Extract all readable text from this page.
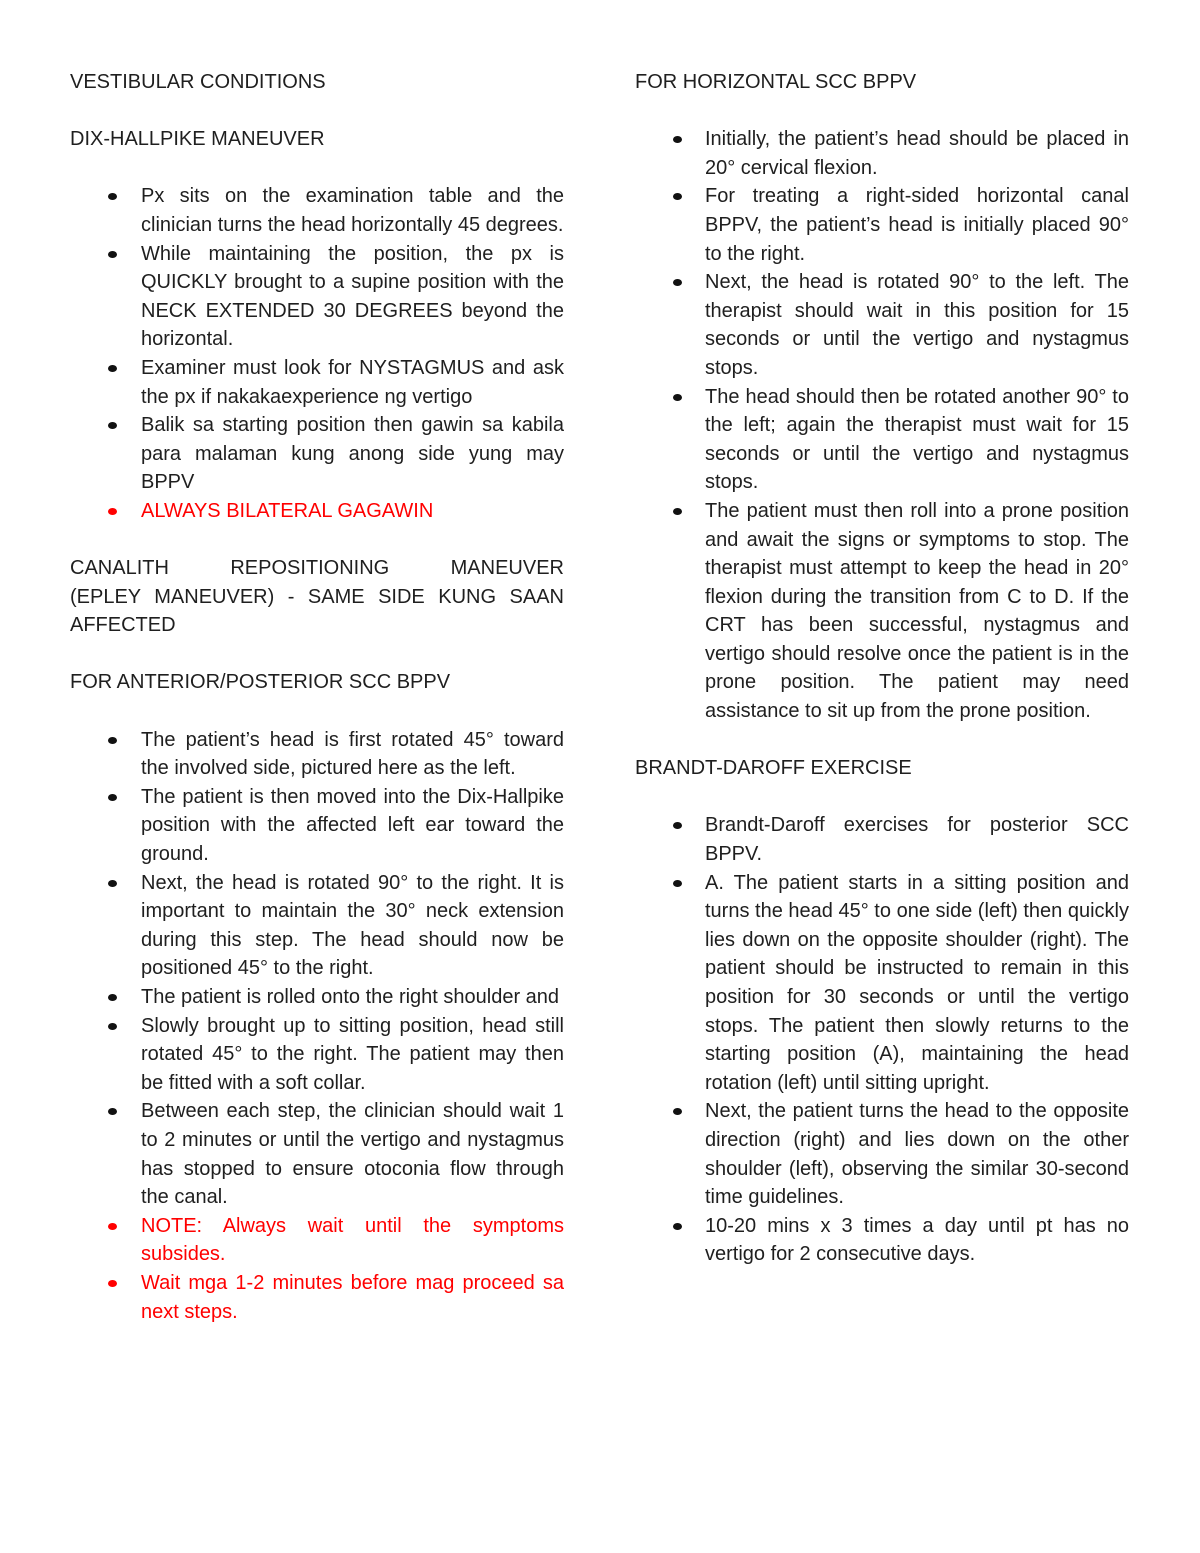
VESTIBULAR CONDITIONS

DIX-HALLPIKE MANEUVER

Px sits on the examination table and the clinician turns the head horizontally 45 degrees.
While maintaining the position, the px is QUICKLY brought to a supine position with the NECK EXTENDED 30 DEGREES beyond the horizontal.
Examiner must look for NYSTAGMUS and ask the px if nakakaexperience ng vertigo
Balik sa starting position then gawin sa kabila para malaman kung anong side yung may BPPV
ALWAYS BILATERAL GAGAWIN

CANALITH REPOSITIONING MANEUVER
(EPLEY MANEUVER) - SAME SIDE KUNG SAAN AFFECTED

FOR ANTERIOR/POSTERIOR SCC BPPV

The patient’s head is first rotated 45° toward the involved side, pictured here as the left.
The patient is then moved into the Dix-Hallpike position with the affected left ear toward the ground.
Next, the head is rotated 90° to the right. It is important to maintain the 30° neck extension during this step. The head should now be positioned 45° to the right.
The patient is rolled onto the right shoulder and
Slowly brought up to sitting position, head still rotated 45° to the right. The patient may then be fitted with a soft collar.
Between each step, the clinician should wait 1 to 2 minutes or until the vertigo and nystagmus has stopped to ensure otoconia flow through the canal.
NOTE: Always wait until the symptoms subsides.
Wait mga 1-2 minutes before mag proceed sa next steps.

FOR HORIZONTAL SCC BPPV

Initially, the patient’s head should be placed in 20° cervical flexion.
For treating a right-sided horizontal canal BPPV, the patient’s head is initially placed 90° to the right.
Next, the head is rotated 90° to the left. The therapist should wait in this position for 15 seconds or until the vertigo and nystagmus stops.
The head should then be rotated another 90° to the left; again the therapist must wait for 15 seconds or until the vertigo and nystagmus stops.
The patient must then roll into a prone position and await the signs or symptoms to stop. The therapist must attempt to keep the head in 20° flexion during the transition from C to D. If the CRT has been successful, nystagmus and vertigo should resolve once the patient is in the prone position. The patient may need assistance to sit up from the prone position.

BRANDT-DAROFF EXERCISE

Brandt-Daroff exercises for posterior SCC BPPV.
A. The patient starts in a sitting position and turns the head 45° to one side (left) then quickly lies down on the opposite shoulder (right). The patient should be instructed to remain in this position for 30 seconds or until the vertigo stops. The patient then slowly returns to the starting position (A), maintaining the head rotation (left) until sitting upright.
Next, the patient turns the head to the opposite direction (right) and lies down on the other shoulder (left), observing the similar 30-second time guidelines.
10-20 mins x 3 times a day until pt has no vertigo for 2 consecutive days.
